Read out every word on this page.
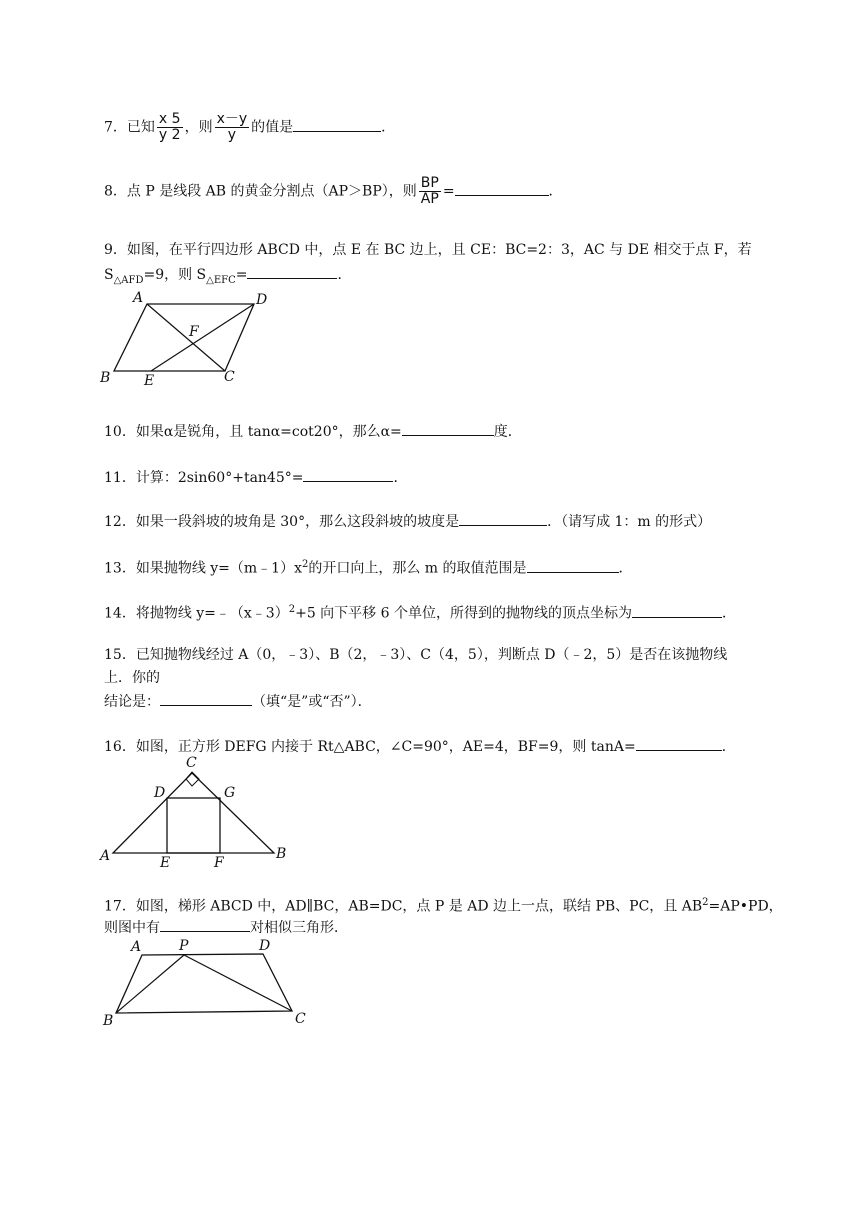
7．已知 $\frac{x 5}{y 2}$ ，则 $\frac{x-y}{y}$ 的值是	．
8．点 P 是线段 AB 的黄金分割点（AP＞BP），则 $\frac{BP}{AP}$ =	．
9．如图，在平行四边形 ABCD 中，点 E 在 BC 边上，且 CE：BC=2：3，AC 与 DE 相交于点 F，若
$S_{\triangle AFD}=9$，则 $S_{\triangle EFC}=$	．
A	D
F
B E	C
10．如果α是锐角，且 tanα=cot20°，那么α=	度．
11．计算：2sin60°+tan45°=	．
12．如果一段斜坡的坡角是 30°，那么这段斜坡的坡度是	．（请写成 1：m 的形式）
13．如果抛物线 $y=(m﹣1)x^2$的开口向上，那么 m 的取值范围是	．
14．将抛物线 y=﹣（x﹣3）$^2$+5 向下平移 6 个单位，所得到的抛物线的顶点坐标为	．
15．已知抛物线经过 A（0，﹣3）、B（2，﹣3）、C（4，5），判断点 D（﹣2，5）是否在该抛物线
上．你的
结论是：	（填“是”或“否”）．
16．如图，正方形 DEFG 内接于 Rt△ABC，∠C=90°，AE=4，BF=9，则 tanA=	．
C
D	G
A	E	F
B
17．如图，梯形 ABCD 中，AD∥BC，AB=DC，点 P 是 AD 边上一点，联结 PB、PC，且 $AB^2=AP•PD$，
则图中有	对相似三角形．
A	P	D
B	C
